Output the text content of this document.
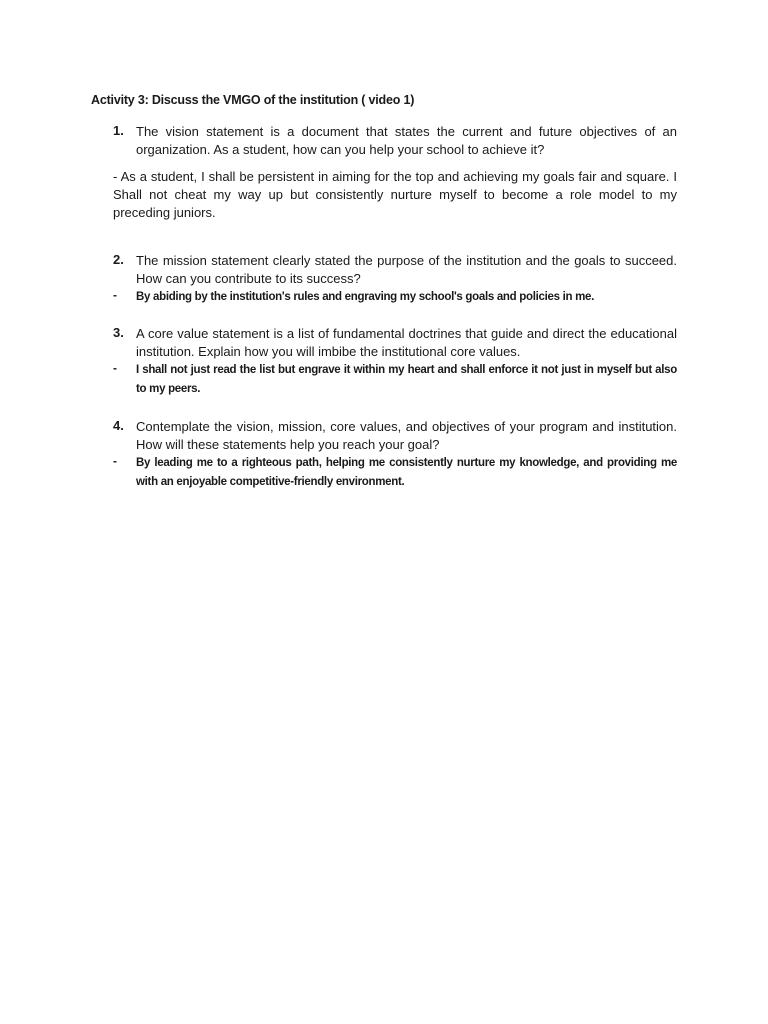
Activity 3: Discuss the VMGO of the institution ( video 1)
1. The vision statement is a document that states the current and future objectives of an organization. As a student, how can you help your school to achieve it?
- As a student, I shall be persistent in aiming for the top and achieving my goals fair and square. I Shall not cheat my way up but consistently nurture myself to become a role model to my preceding juniors.
2. The mission statement clearly stated the purpose of the institution and the goals to succeed. How can you contribute to its success?
- By abiding by the institution's rules and engraving my school's goals and policies in me.
3. A core value statement is a list of fundamental doctrines that guide and direct the educational institution. Explain how you will imbibe the institutional core values.
- I shall not just read the list but engrave it within my heart and shall enforce it not just in myself but also to my peers.
4. Contemplate the vision, mission, core values, and objectives of your program and institution. How will these statements help you reach your goal?
- By leading me to a righteous path, helping me consistently nurture my knowledge, and providing me with an enjoyable competitive-friendly environment.
